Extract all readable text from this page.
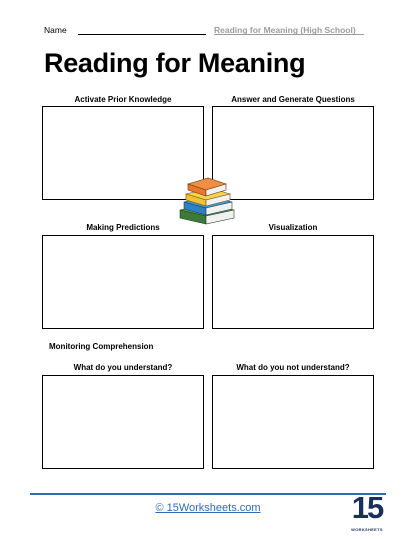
Name	Reading for Meaning (High School)
Reading for Meaning
Activate Prior Knowledge	Answer and Generate Questions
Making Predictions	Visualization
Monitoring Comprehension
What do you understand?	What do you not understand?
© 15Worksheets.com	15
WORKSHEETS
